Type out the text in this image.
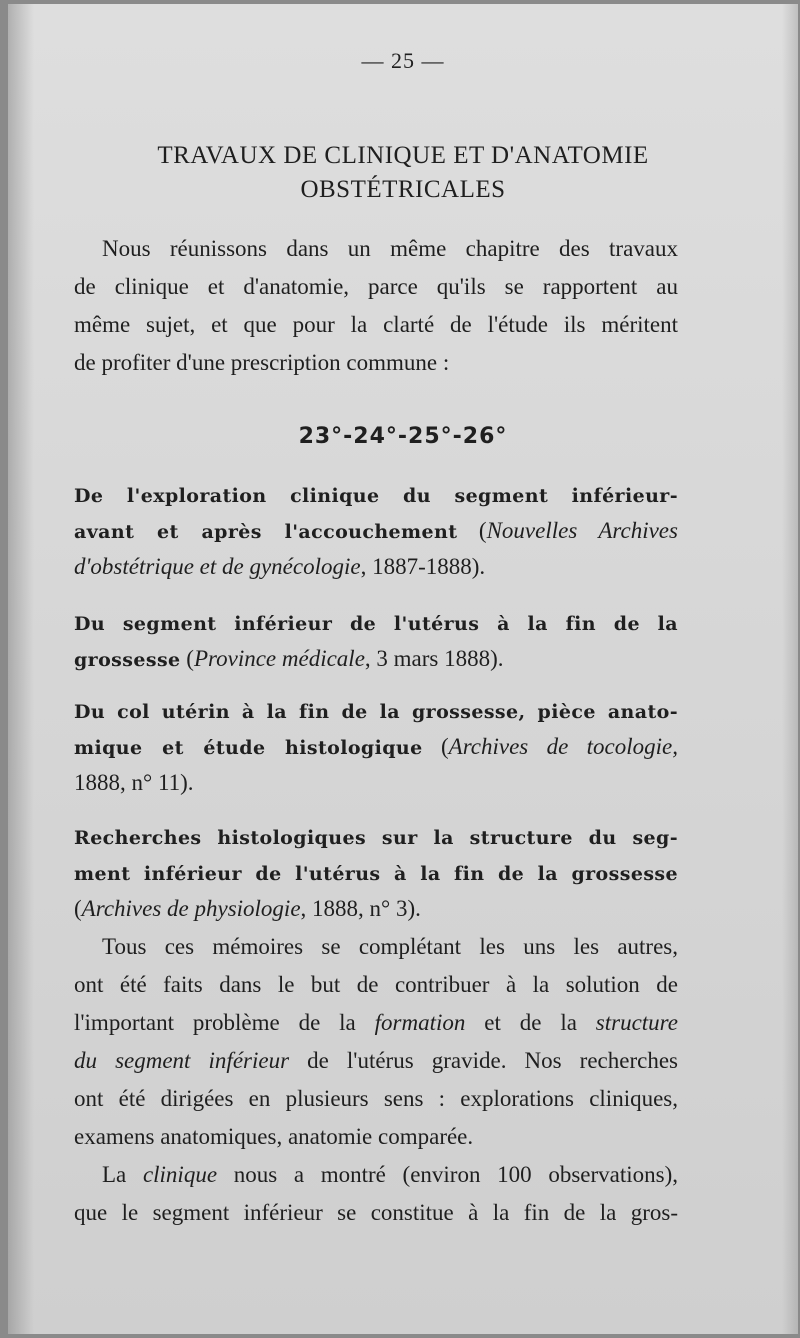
— 25 —
TRAVAUX DE CLINIQUE ET D'ANATOMIE
OBSTÉTRICALES
Nous réunissons dans un même chapitre des travaux
de clinique et d'anatomie, parce qu'ils se rapportent au
même sujet, et que pour la clarté de l'étude ils méritent
de profiter d'une prescription commune :
23°-24°-25°-26°
De l'exploration clinique du segment inférieur-
avant et après l'accouchement (Nouvelles Archives
d'obstétrique et de gynécologie, 1887-1888).
Du segment inférieur de l'utérus à la fin de la
grossesse (Province médicale, 3 mars 1888).
Du col utérin à la fin de la grossesse, pièce anato-
mique et étude histologique (Archives de tocologie,
1888, n° 11).
Recherches histologiques sur la structure du seg-
ment inférieur de l'utérus à la fin de la grossesse
(Archives de physiologie, 1888, n° 3).
Tous ces mémoires se complétant les uns les autres,
ont été faits dans le but de contribuer à la solution de
l'important problème de la formation et de la structure
du segment inférieur de l'utérus gravide. Nos recherches
ont été dirigées en plusieurs sens : explorations cliniques,
examens anatomiques, anatomie comparée.
La clinique nous a montré (environ 100 observations),
que le segment inférieur se constitue à la fin de la gros-
